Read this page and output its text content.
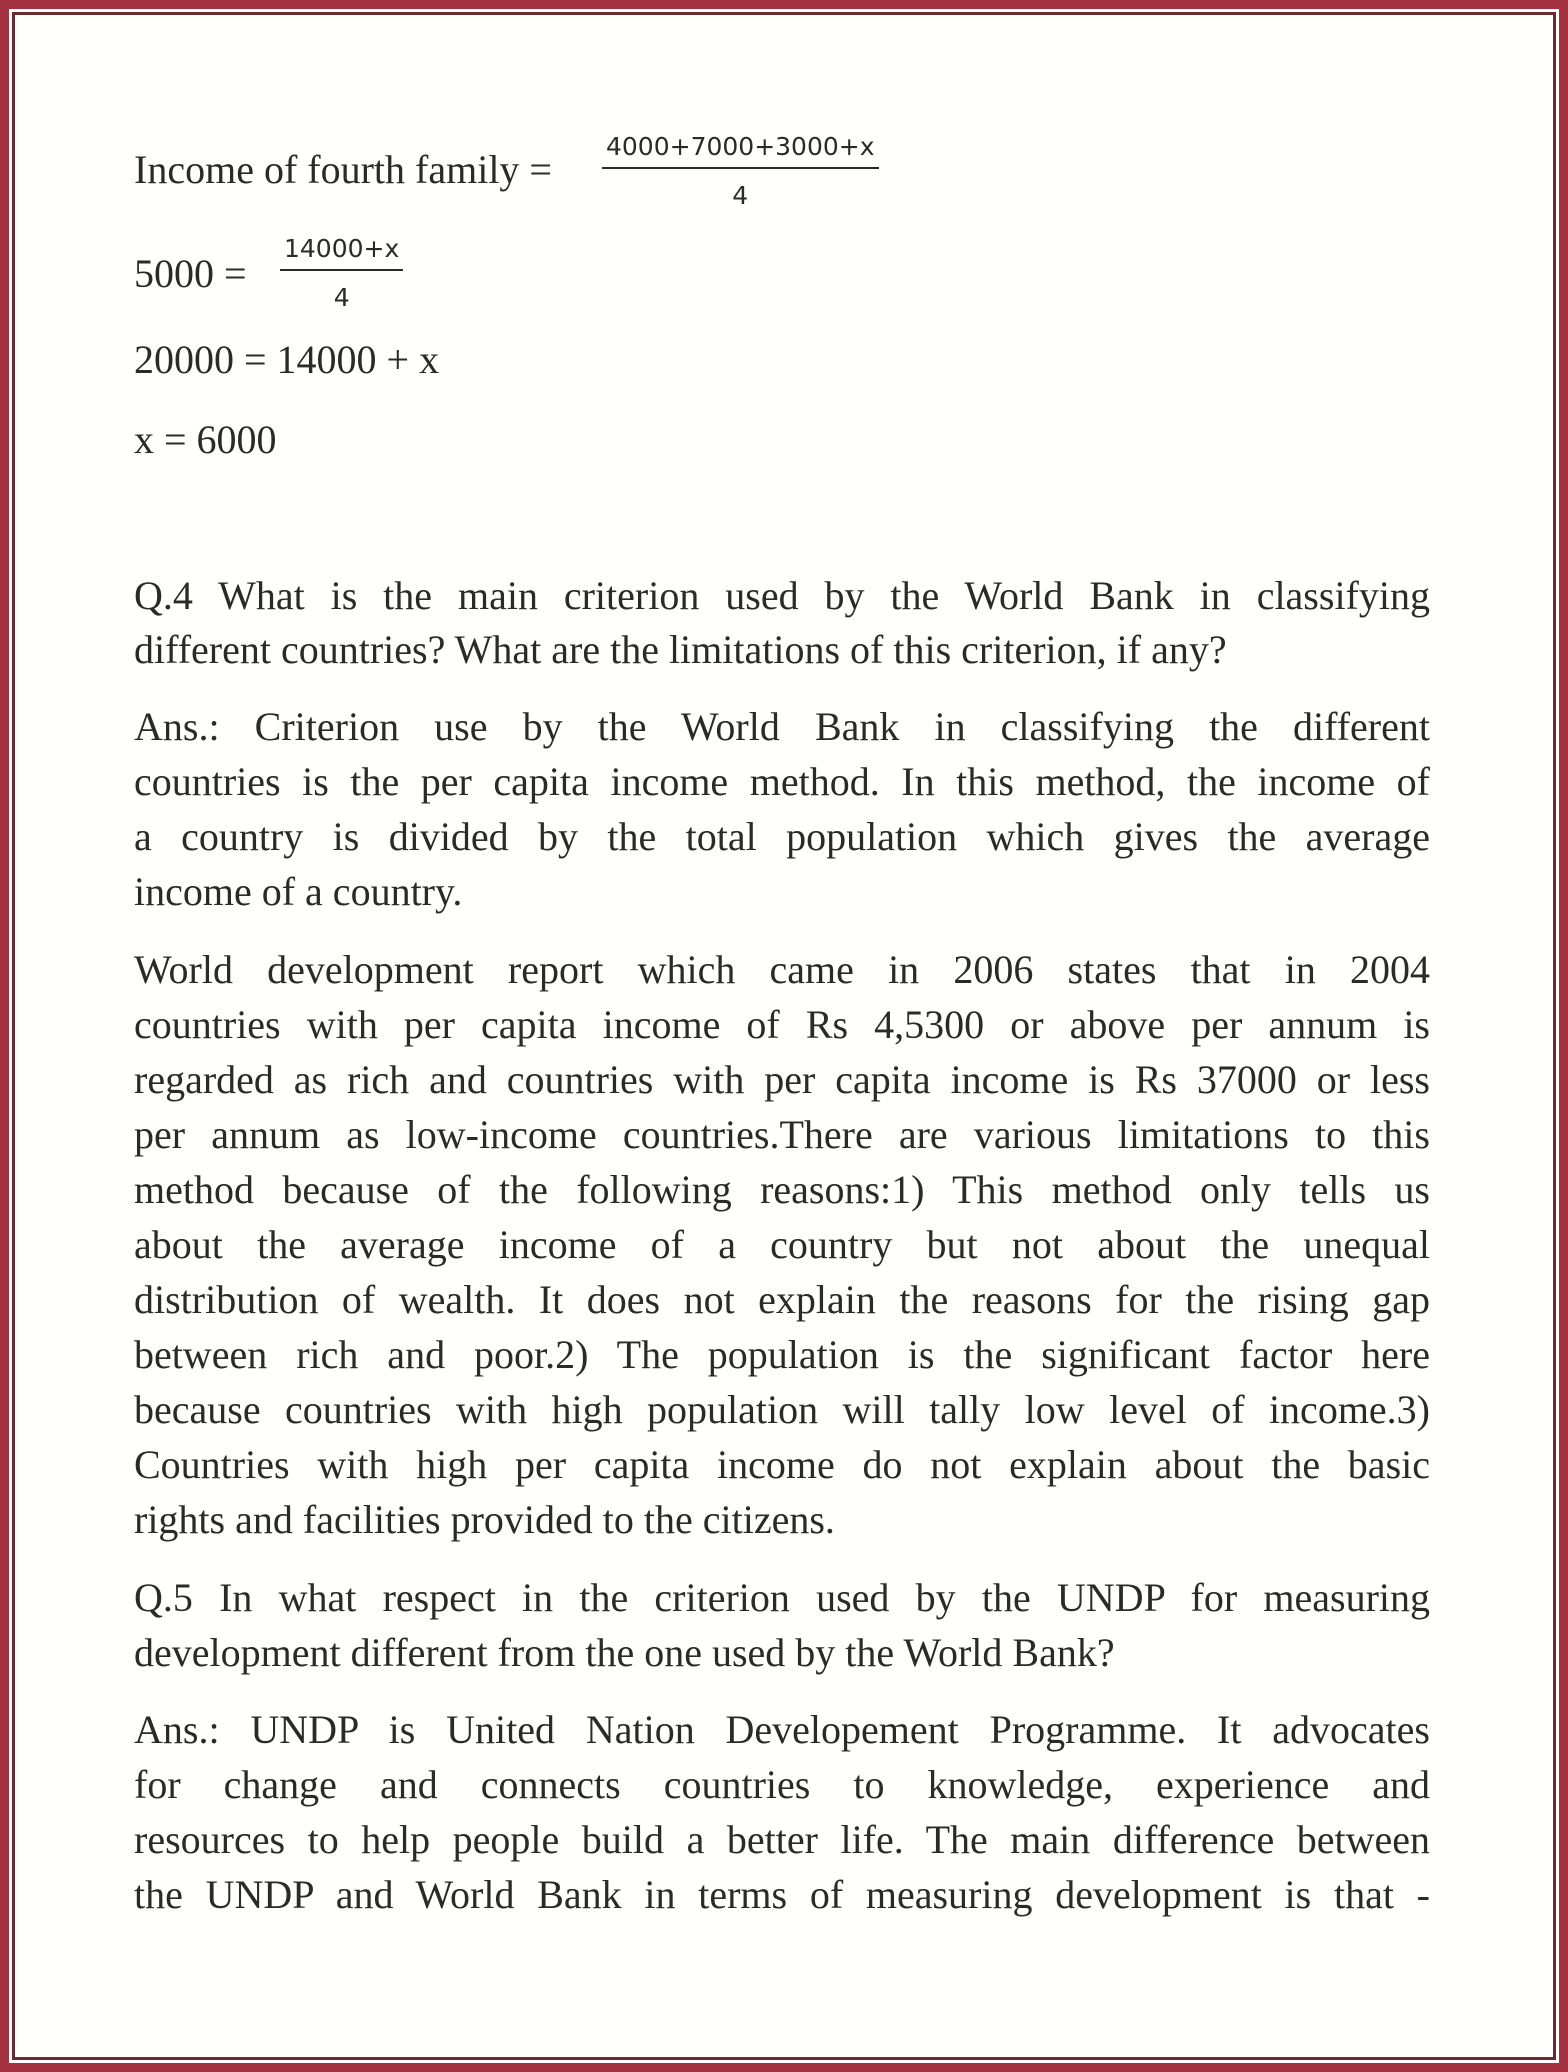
Income of fourth family =
4000+7000+3000+x
4
5000 =
14000+x
4
20000 = 14000 + x
x = 6000
Q.4 What is the main criterion used by the World Bank in classifying
different countries? What are the limitations of this criterion, if any?
Ans.: Criterion use by the World Bank in classifying the different
countries is the per capita income method. In this method, the income of
a country is divided by the total population which gives the average
income of a country.
World development report which came in 2006 states that in 2004
countries with per capita income of Rs 4,5300 or above per annum is
regarded as rich and countries with per capita income is Rs 37000 or less
per annum as low-income countries.There are various limitations to this
method because of the following reasons:1) This method only tells us
about the average income of a country but not about the unequal
distribution of wealth. It does not explain the reasons for the rising gap
between rich and poor.2) The population is the significant factor here
because countries with high population will tally low level of income.3)
Countries with high per capita income do not explain about the basic
rights and facilities provided to the citizens.
Q.5 In what respect in the criterion used by the UNDP for measuring
development different from the one used by the World Bank?
Ans.: UNDP is United Nation Developement Programme. It advocates
for change and connects countries to knowledge, experience and
resources to help people build a better life. The main difference between
the UNDP and World Bank in terms of measuring development is that -
